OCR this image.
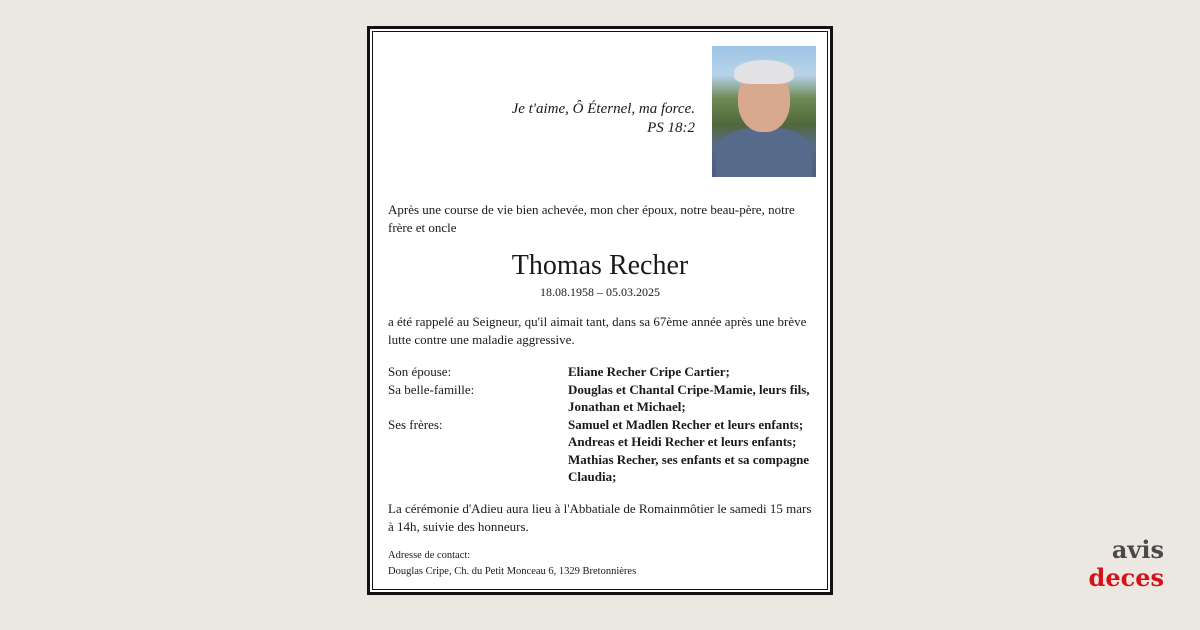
Je t'aime, Ô Éternel, ma force.
PS 18:2
Après une course de vie bien achevée, mon cher époux, notre beau-père, notre frère et oncle
Thomas Recher
18.08.1958 – 05.03.2025
a été rappelé au Seigneur, qu'il aimait tant, dans sa 67ème année après une brève lutte contre une maladie aggressive.
Son épouse:	Eliane Recher Cripe Cartier;
Sa belle-famille:	Douglas et Chantal Cripe-Mamie, leurs fils,
Jonathan et Michael;
Ses frères:	Samuel et Madlen Recher et leurs enfants;
Andreas et Heidi Recher et leurs enfants;
Mathias Recher, ses enfants et sa compagne
Claudia;
La cérémonie d'Adieu aura lieu à l'Abbatiale de Romainmôtier le samedi 15 mars à 14h, suivie des honneurs.
Adresse de contact:
Douglas Cripe, Ch. du Petit Monceau 6, 1329 Bretonnières
avis
deces
